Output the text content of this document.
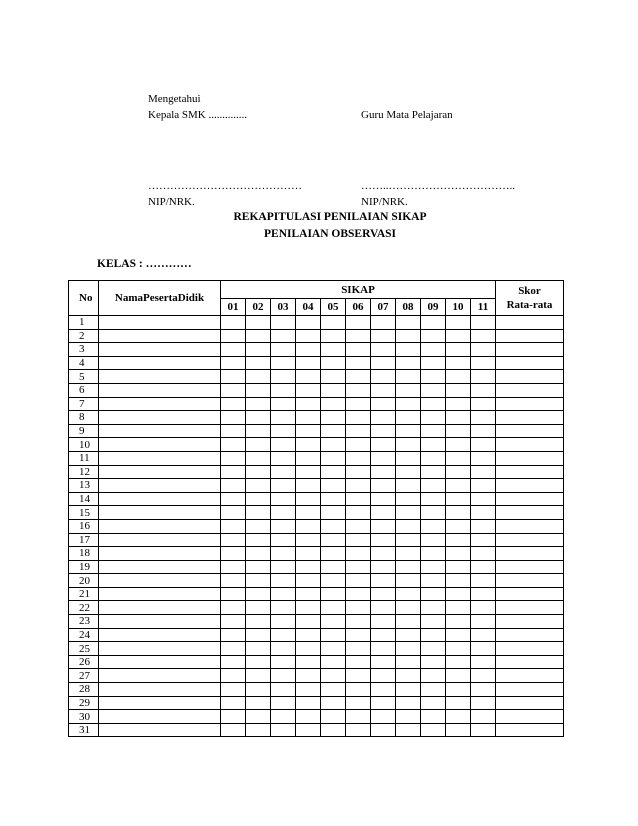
Mengetahui
Kepala SMK ..............	Guru Mata Pelajaran
……………………………………	……..……………………………..
NIP/NRK.	NIP/NRK.
REKAPITULASI PENILAIAN SIKAP
PENILAIAN OBSERVASI
KELAS : …………
No	NamaPesertaDidik	SIKAP											Skor
Rata-rata
		01	02	03	04	05	06	07	08	09	10	11	
1													
2													
3													
4													
5													
6													
7													
8													
9													
10													
11													
12													
13													
14													
15													
16													
17													
18													
19													
20													
21													
22													
23													
24													
25													
26													
27													
28													
29													
30													
31													
